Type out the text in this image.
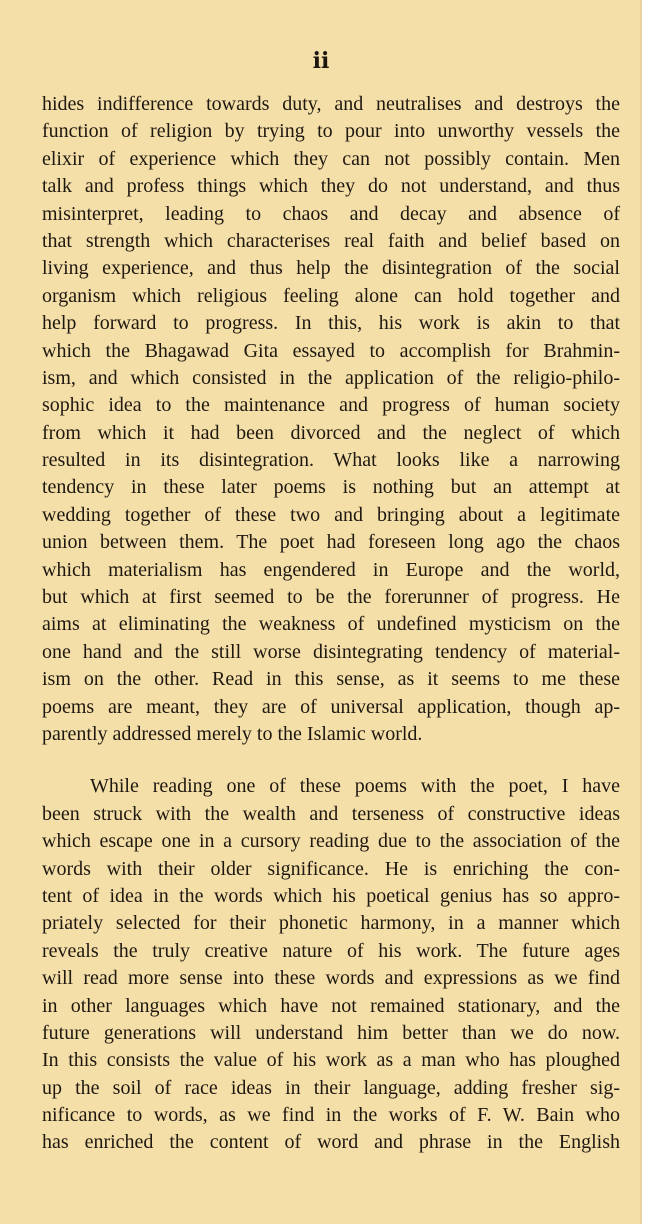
ii
hides indifference towards duty, and neutralises and destroys the
function of religion by trying to pour into unworthy vessels the
elixir of experience which they can not possibly contain. Men
talk and profess things which they do not understand, and thus
misinterpret, leading to chaos and decay and absence of
that strength which characterises real faith and belief based on
living experience, and thus help the disintegration of the social
organism which religious feeling alone can hold together and
help forward to progress. In this, his work is akin to that
which the Bhagawad Gita essayed to accomplish for Brahmin-
ism, and which consisted in the application of the religio-philo-
sophic idea to the maintenance and progress of human society
from which it had been divorced and the neglect of which
resulted in its disintegration. What looks like a narrowing
tendency in these later poems is nothing but an attempt at
wedding together of these two and bringing about a legitimate
union between them. The poet had foreseen long ago the chaos
which materialism has engendered in Europe and the world,
but which at first seemed to be the forerunner of progress. He
aims at eliminating the weakness of undefined mysticism on the
one hand and the still worse disintegrating tendency of material-
ism on the other. Read in this sense, as it seems to me these
poems are meant, they are of universal application, though ap-
parently addressed merely to the Islamic world.
While reading one of these poems with the poet, I have
been struck with the wealth and terseness of constructive ideas
which escape one in a cursory reading due to the association of the
words with their older significance. He is enriching the con-
tent of idea in the words which his poetical genius has so appro-
priately selected for their phonetic harmony, in a manner which
reveals the truly creative nature of his work. The future ages
will read more sense into these words and expressions as we find
in other languages which have not remained stationary, and the
future generations will understand him better than we do now.
In this consists the value of his work as a man who has ploughed
up the soil of race ideas in their language, adding fresher sig-
nificance to words, as we find in the works of F. W. Bain who
has enriched the content of word and phrase in the English
